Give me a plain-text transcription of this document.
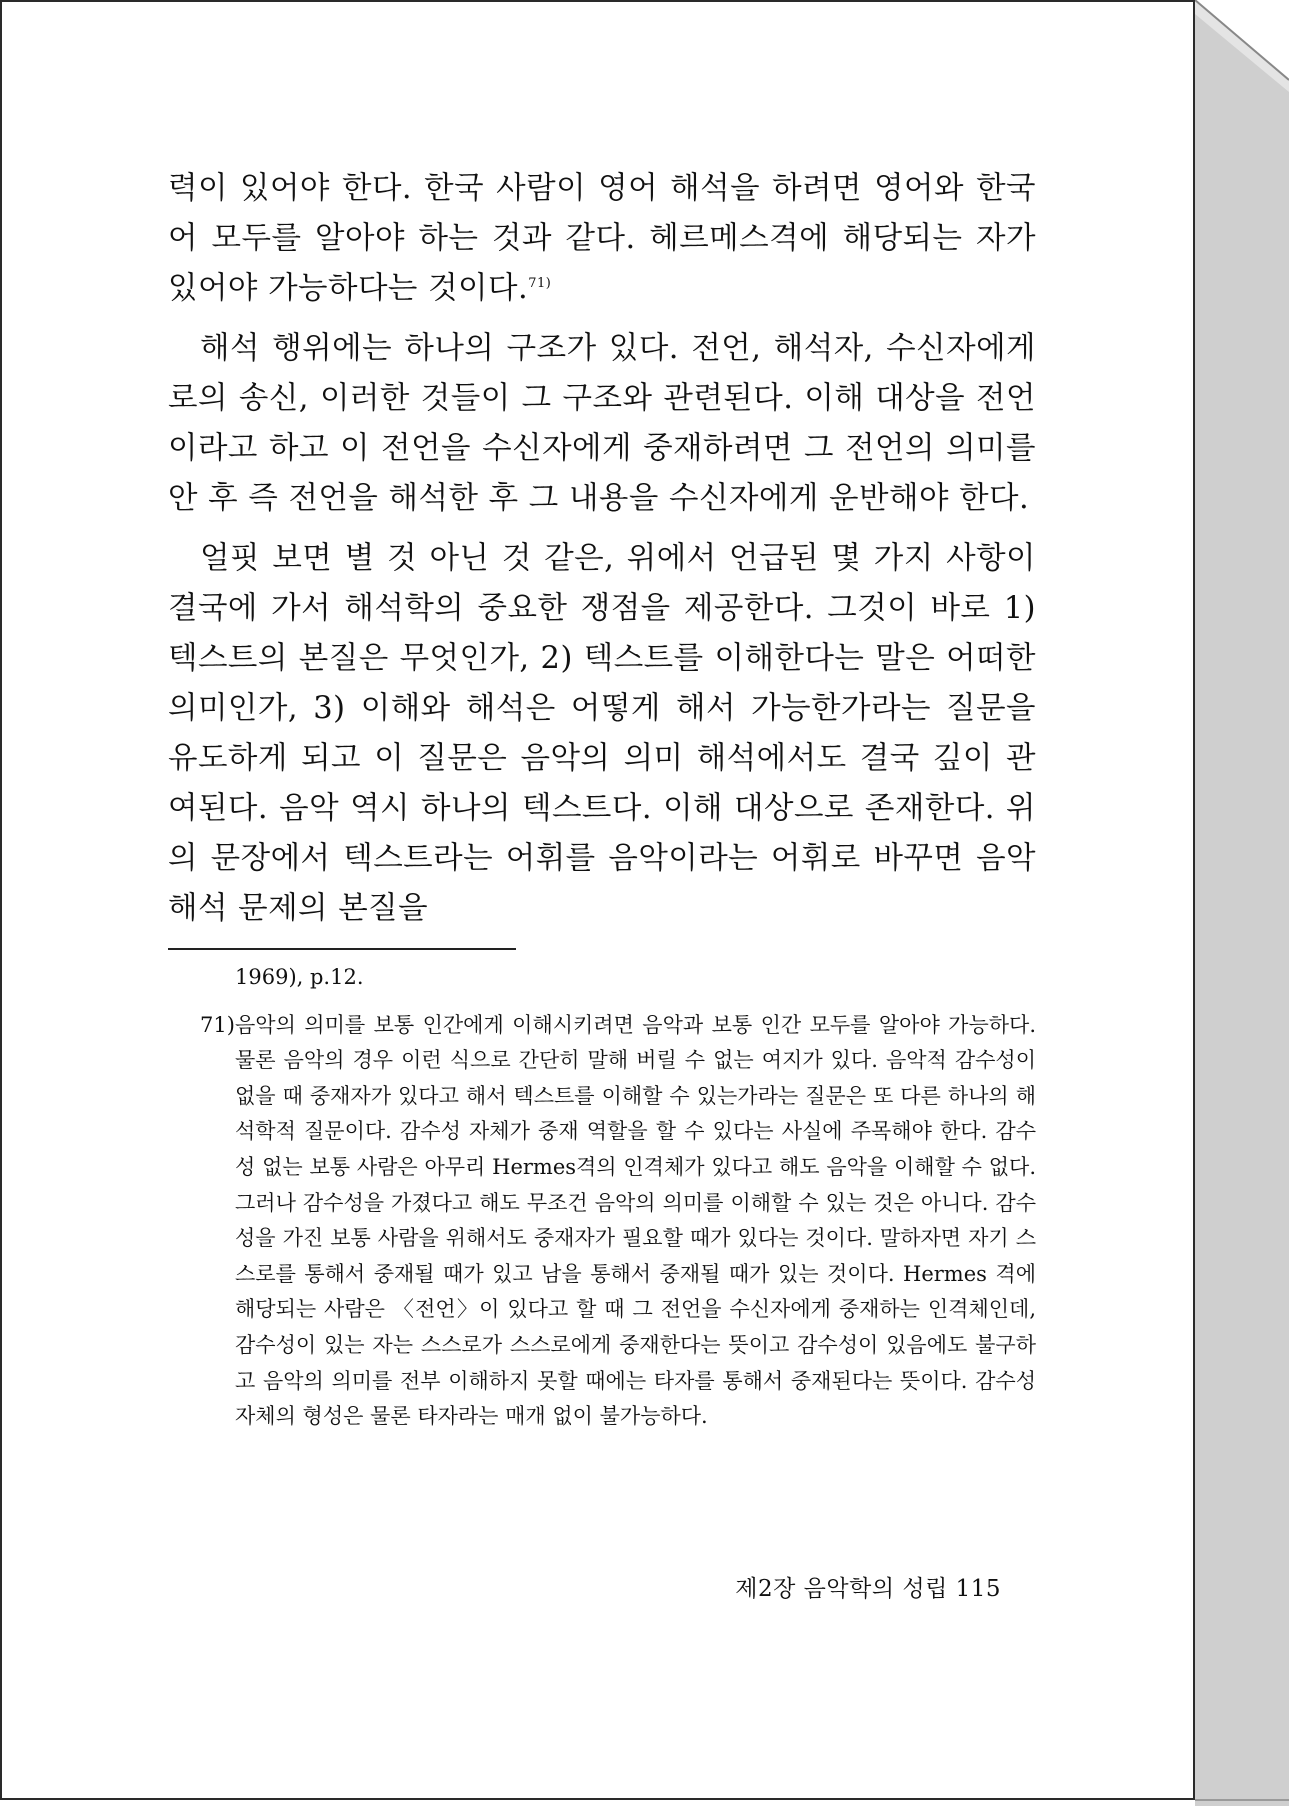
력이 있어야 한다. 한국 사람이 영어 해석을 하려면 영어와 한국어 모두를 알아야 하는 것과 같다. 헤르메스격에 해당되는 자가 있어야 가능하다는 것이다.$^{71)}$

해석 행위에는 하나의 구조가 있다. 전언, 해석자, 수신자에게로의 송신, 이러한 것들이 그 구조와 관련된다. 이해 대상을 전언이라고 하고 이 전언을 수신자에게 중재하려면 그 전언의 의미를 안 후 즉 전언을 해석한 후 그 내용을 수신자에게 운반해야 한다.

얼핏 보면 별 것 아닌 것 같은, 위에서 언급된 몇 가지 사항이 결국에 가서 해석학의 중요한 쟁점을 제공한다. 그것이 바로 1) 텍스트의 본질은 무엇인가, 2) 텍스트를 이해한다는 말은 어떠한 의미인가, 3) 이해와 해석은 어떻게 해서 가능한가라는 질문을 유도하게 되고 이 질문은 음악의 의미 해석에서도 결국 깊이 관여된다. 음악 역시 하나의 텍스트다. 이해 대상으로 존재한다. 위의 문장에서 텍스트라는 어휘를 음악이라는 어휘로 바꾸면 음악해석 문제의 본질을

1969), p.12.
71) 음악의 의미를 보통 인간에게 이해시키려면 음악과 보통 인간 모두를 알아야 가능하다. 물론 음악의 경우 이런 식으로 간단히 말해 버릴 수 없는 여지가 있다. 음악적 감수성이 없을 때 중재자가 있다고 해서 텍스트를 이해할 수 있는가라는 질문은 또 다른 하나의 해석학적 질문이다. 감수성 자체가 중재 역할을 할 수 있다는 사실에 주목해야 한다. 감수성 없는 보통 사람은 아무리 Hermes격의 인격체가 있다고 해도 음악을 이해할 수 없다. 그러나 감수성을 가졌다고 해도 무조건 음악의 의미를 이해할 수 있는 것은 아니다. 감수성을 가진 보통 사람을 위해서도 중재자가 필요할 때가 있다는 것이다. 말하자면 자기 스스로를 통해서 중재될 때가 있고 남을 통해서 중재될 때가 있는 것이다. Hermes 격에 해당되는 사람은 〈전언〉이 있다고 할 때 그 전언을 수신자에게 중재하는 인격체인데, 감수성이 있는 자는 스스로가 스스로에게 중재한다는 뜻이고 감수성이 있음에도 불구하고 음악의 의미를 전부 이해하지 못할 때에는 타자를 통해서 중재된다는 뜻이다. 감수성 자체의 형성은 물론 타자라는 매개 없이 불가능하다.
제2장 음악학의 성립 115
